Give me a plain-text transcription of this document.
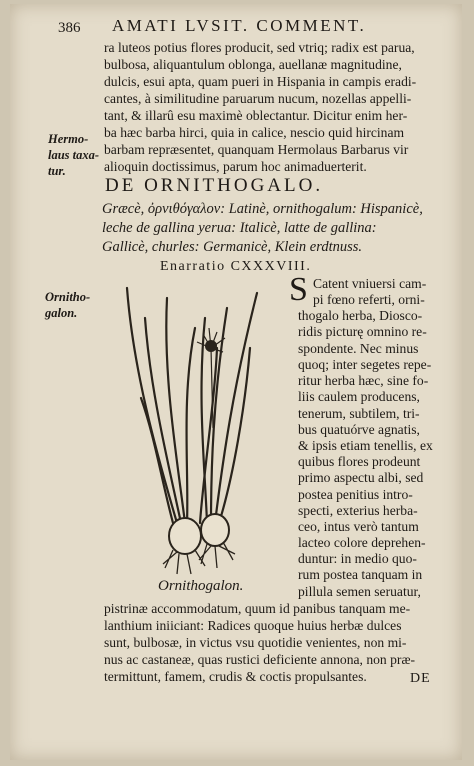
386 AMATI LVSIT. COMMENT.
ra luteos potius flores producit, sed vtriq; radix est parua,
bulbosa, aliquantulum oblonga, auellanæ magnitudine,
dulcis, esui apta, quam pueri in Hispania in campis eradi-
cantes, à similitudine paruarum nucum, nozellas appelli-
tant, & illarû esu maximè oblectantur. Dicitur enim her-
ba hæc barba hirci, quia in calice, nescio quid hircinam
barbam repræsentet, quanquam Hermolaus Barbarus vir
alioquin doctissimus, parum hoc animaduerterit.
Hermo-
laus taxa-
tur.
Ornitho-
galon.
DE ORNITHOGALO.
Græcè, ὀρνιθόγαλον: Latinè, ornithogalum: Hispanicè,
leche de gallina yerua: Italicè, latte de gallina:
Gallicè, churles: Germanicè, Klein erdtnuss.
Enarratio CXXXVIII.
S Catent vniuersi cam-
pi fœno referti, orni-
thogalo herba, Diosco-
ridis picturę omnino re-
spondente. Nec minus
quoq; inter segetes repe-
ritur herba hæc, sine fo-
liis caulem producens,
tenerum, subtilem, tri-
bus quatuórve agnatis,
& ipsis etiam tenellis, ex
quibus flores prodeunt
primo aspectu albi, sed
postea penitius intro-
specti, exterius herba-
ceo, intus verò tantum
lacteo colore deprehen-
duntur: in medio quo-
rum postea tanquam in
pillula semen seruatur,
Ornithogalon.
pistrinæ accommodatum, quum id panibus tanquam me-
lanthium iniiciant: Radices quoque huius herbæ dulces
sunt, bulbosæ, in victus vsu quotidie venientes, non mi-
nus ac castaneæ, quas rustici deficiente annona, non præ-
termittunt, famem, crudis & coctis propulsantes.	DE
